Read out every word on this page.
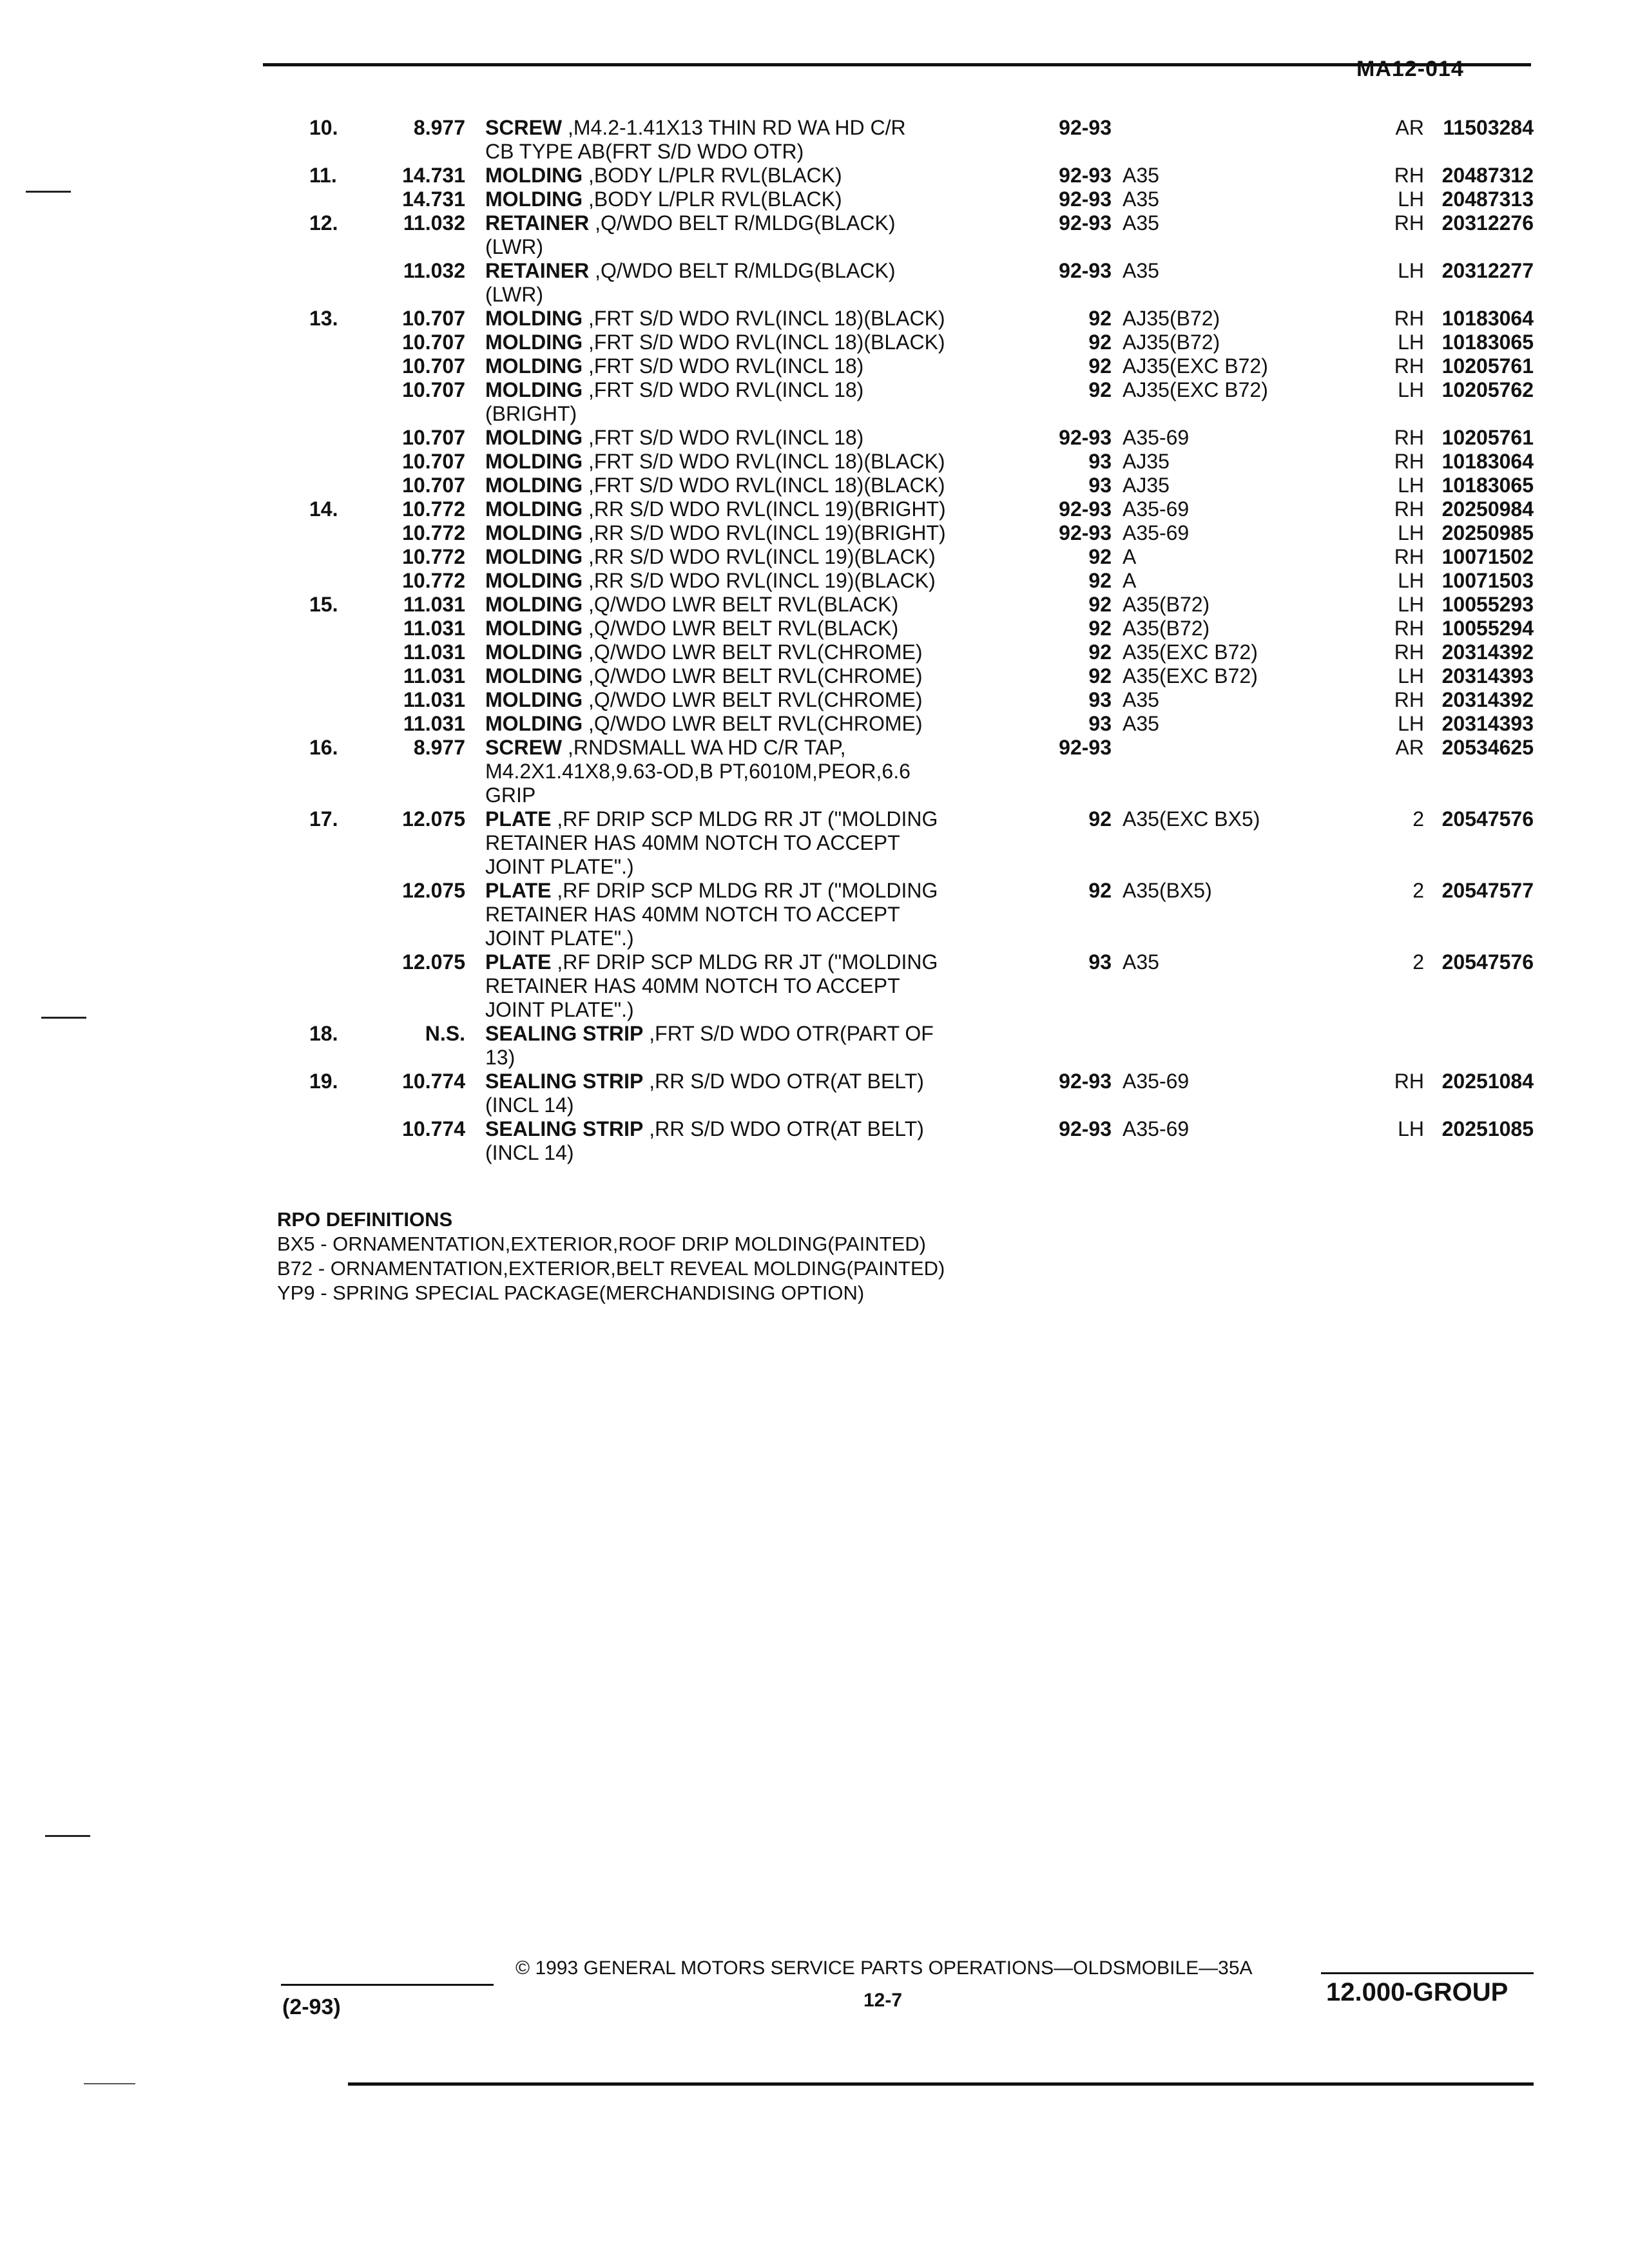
MA12-014
10.	8.977 SCREW ,M4.2-1.41X13 THIN RD WA HD C/R
CB TYPE AB(FRT S/D WDO OTR)
92-93	AR 11503284
11.	14.731 MOLDING ,BODY L/PLR RVL(BLACK)	92-93 A35	RH 20487312
14.731 MOLDING ,BODY L/PLR RVL(BLACK)	92-93 A35	LH 20487313
12.	11.032 RETAINER ,Q/WDO BELT R/MLDG(BLACK)
(LWR)
92-93 A35	RH 20312276
11.032 RETAINER ,Q/WDO BELT R/MLDG(BLACK)
(LWR)
92-93 A35	LH 20312277
13.	10.707 MOLDING ,FRT S/D WDO RVL(INCL 18)(BLACK)	92 AJ35(B72)	RH 10183064
10.707 MOLDING ,FRT S/D WDO RVL(INCL 18)(BLACK)	92 AJ35(B72)	LH 10183065
10.707 MOLDING ,FRT S/D WDO RVL(INCL 18)	92 AJ35(EXC B72)	RH 10205761
10.707 MOLDING ,FRT S/D WDO RVL(INCL 18)
(BRIGHT)
92 AJ35(EXC B72)	LH 10205762
10.707 MOLDING ,FRT S/D WDO RVL(INCL 18)	92-93 A35-69	RH 10205761
10.707 MOLDING ,FRT S/D WDO RVL(INCL 18)(BLACK)	93 AJ35	RH 10183064
10.707 MOLDING ,FRT S/D WDO RVL(INCL 18)(BLACK)	93 AJ35	LH 10183065
14.	10.772 MOLDING ,RR S/D WDO RVL(INCL 19)(BRIGHT)	92-93 A35-69	RH 20250984
10.772 MOLDING ,RR S/D WDO RVL(INCL 19)(BRIGHT)	92-93 A35-69	LH 20250985
10.772 MOLDING ,RR S/D WDO RVL(INCL 19)(BLACK)	92 A	RH 10071502
10.772 MOLDING ,RR S/D WDO RVL(INCL 19)(BLACK)	92 A	LH 10071503
15.	11.031 MOLDING ,Q/WDO LWR BELT RVL(BLACK)	92 A35(B72)	LH 10055293
11.031 MOLDING ,Q/WDO LWR BELT RVL(BLACK)	92 A35(B72)	RH 10055294
11.031 MOLDING ,Q/WDO LWR BELT RVL(CHROME)	92 A35(EXC B72)	RH 20314392
11.031 MOLDING ,Q/WDO LWR BELT RVL(CHROME)	92 A35(EXC B72)	LH 20314393
11.031 MOLDING ,Q/WDO LWR BELT RVL(CHROME)	93 A35	RH 20314392
11.031 MOLDING ,Q/WDO LWR BELT RVL(CHROME)	93 A35	LH 20314393
16.	8.977 SCREW ,RNDSMALL WA HD C/R TAP,
M4.2X1.41X8,9.63-OD,B PT,6010M,PEOR,6.6
GRIP
92-93	AR 20534625
17.	12.075 PLATE ,RF DRIP SCP MLDG RR JT ("MOLDING
RETAINER HAS 40MM NOTCH TO ACCEPT
JOINT PLATE".)
92 A35(EXC BX5)	2 20547576
12.075 PLATE ,RF DRIP SCP MLDG RR JT ("MOLDING
RETAINER HAS 40MM NOTCH TO ACCEPT
JOINT PLATE".)
92 A35(BX5)	2 20547577
12.075 PLATE ,RF DRIP SCP MLDG RR JT ("MOLDING
RETAINER HAS 40MM NOTCH TO ACCEPT
JOINT PLATE".)
93 A35	2 20547576
18.	N.S. SEALING STRIP ,FRT S/D WDO OTR(PART OF
13)
19.	10.774 SEALING STRIP ,RR S/D WDO OTR(AT BELT)
(INCL 14)
92-93 A35-69	RH 20251084
10.774 SEALING STRIP ,RR S/D WDO OTR(AT BELT)
(INCL 14)
92-93 A35-69	LH 20251085
RPO DEFINITIONS
BX5 - ORNAMENTATION,EXTERIOR,ROOF DRIP MOLDING(PAINTED)
B72 - ORNAMENTATION,EXTERIOR,BELT REVEAL MOLDING(PAINTED)
YP9 - SPRING SPECIAL PACKAGE(MERCHANDISING OPTION)
© 1993 GENERAL MOTORS SERVICE PARTS OPERATIONS—OLDSMOBILE—35A
(2-93)	12-7	12.000-GROUP
